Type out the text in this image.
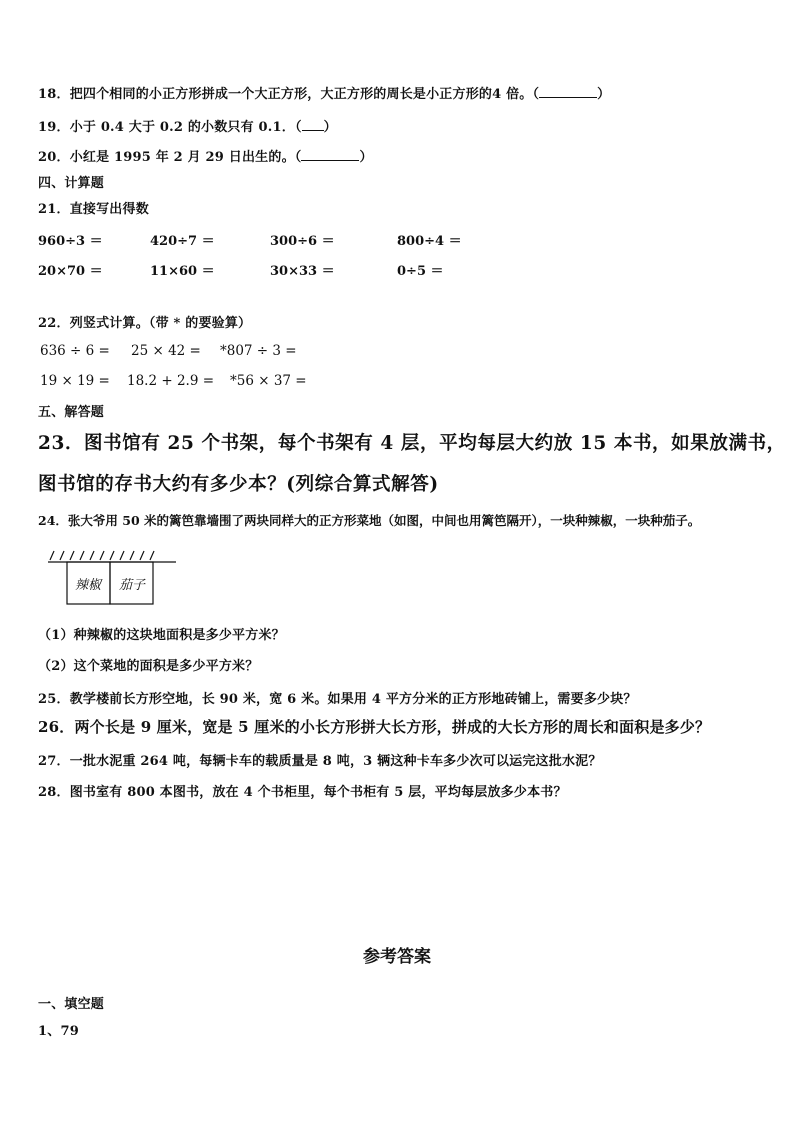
18．把四个相同的小正方形拼成一个大正方形，大正方形的周长是小正方形的4 倍。（	）
19．小于 0.4 大于 0.2 的小数只有 0.1．（ ）
20．小红是 1995 年 2 月 29 日出生的。（	）
四、计算题
21．直接写出得数
960÷3 ＝	420÷7 ＝	300÷6 ＝	800÷4 ＝
20×70 ＝	11×60 ＝	30×33 ＝	0÷5 ＝
22．列竖式计算。（带 * 的要验算）
636 ÷ 6 = 25 × 42 = *807 ÷ 3 =
19 × 19 = 18.2 + 2.9 = *56 × 37 =
五、解答题
23．图书馆有 25 个书架，每个书架有 4 层，平均每层大约放 15 本书，如果放满书，
图书馆的存书大约有多少本？(列综合算式解答)
24．张大爷用 50 米的篱笆靠墙围了两块同样大的正方形菜地（如图，中间也用篱笆隔开），一块种辣椒，一块种茄子。
辣椒 茄子
（1）种辣椒的这块地面积是多少平方米？
（2）这个菜地的面积是多少平方米？
25．教学楼前长方形空地，长 90 米，宽 6 米。如果用 4 平方分米的正方形地砖铺上，需要多少块？
26．两个长是 9 厘米，宽是 5 厘米的小长方形拼大长方形，拼成的大长方形的周长和面积是多少？
27．一批水泥重 264 吨，每辆卡车的载质量是 8 吨，3 辆这种卡车多少次可以运完这批水泥？
28．图书室有 800 本图书，放在 4 个书柜里，每个书柜有 5 层，平均每层放多少本书？
参考答案
一、填空题
1、79
